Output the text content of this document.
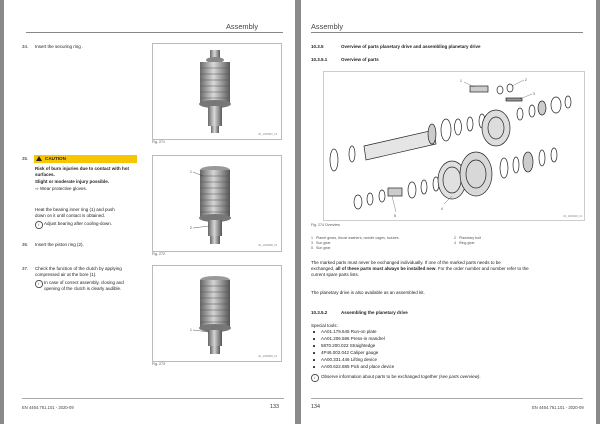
Assembly
34. Insert the securing ring .
Fig. 271
VA_1000897_01
35.	CAUTION
Risk of burn injuries due to contact with hot
surfaces.
Slight or moderate injury possible.
⇨ Wear protective gloves.
Heat the bearing inner ring (1) and push
down on it until contact is obtained.
i	Adjust bearing after cooling-down.
36. Insert the piston ring (2).
1
2
Fig. 272
VA_1000898_01
37. Check the function of the clutch by applying
compressed air at the bore (1).
i	In case of correct assembly, closing and
opening of the clutch is clearly audible.
1
Fig. 273
VA_1000899_01
EN 4464.761.101 - 2020-09	133
Assembly
10.3.5	Overview of parts planetary drive and assembling planetary drive
10.3.5.1	Overview of parts
1	2
3
4
5
Fig. 274 Overview
VA_1003900_01
1 Planet gears, thrust washers, needle cages, bushes	2 Planetary bolt
3 Sun gear	4 Ring gear
5 Sun gear
The marked parts must never be exchanged individually. If one of the marked parts needs to be
exchanged, all of these parts must always be installed new. For the order number and number refer to the
current spare parts lists.
The planetary drive is also available as an assembled kit.
10.3.5.2	Assembling the planetary drive
Special tools:
AA01.179.645 Run-on plate
AA01.206.586 Press-in mandrel
5870.200.022 Straightedge
4P46.002.042 Caliper gauge
AA00.331.446 Lifting device
AA00.622.885 Pick and place device
i	Observe information about parts to be exchanged together (see parts overview).
134	EN 4464.761.101 - 2020-09
